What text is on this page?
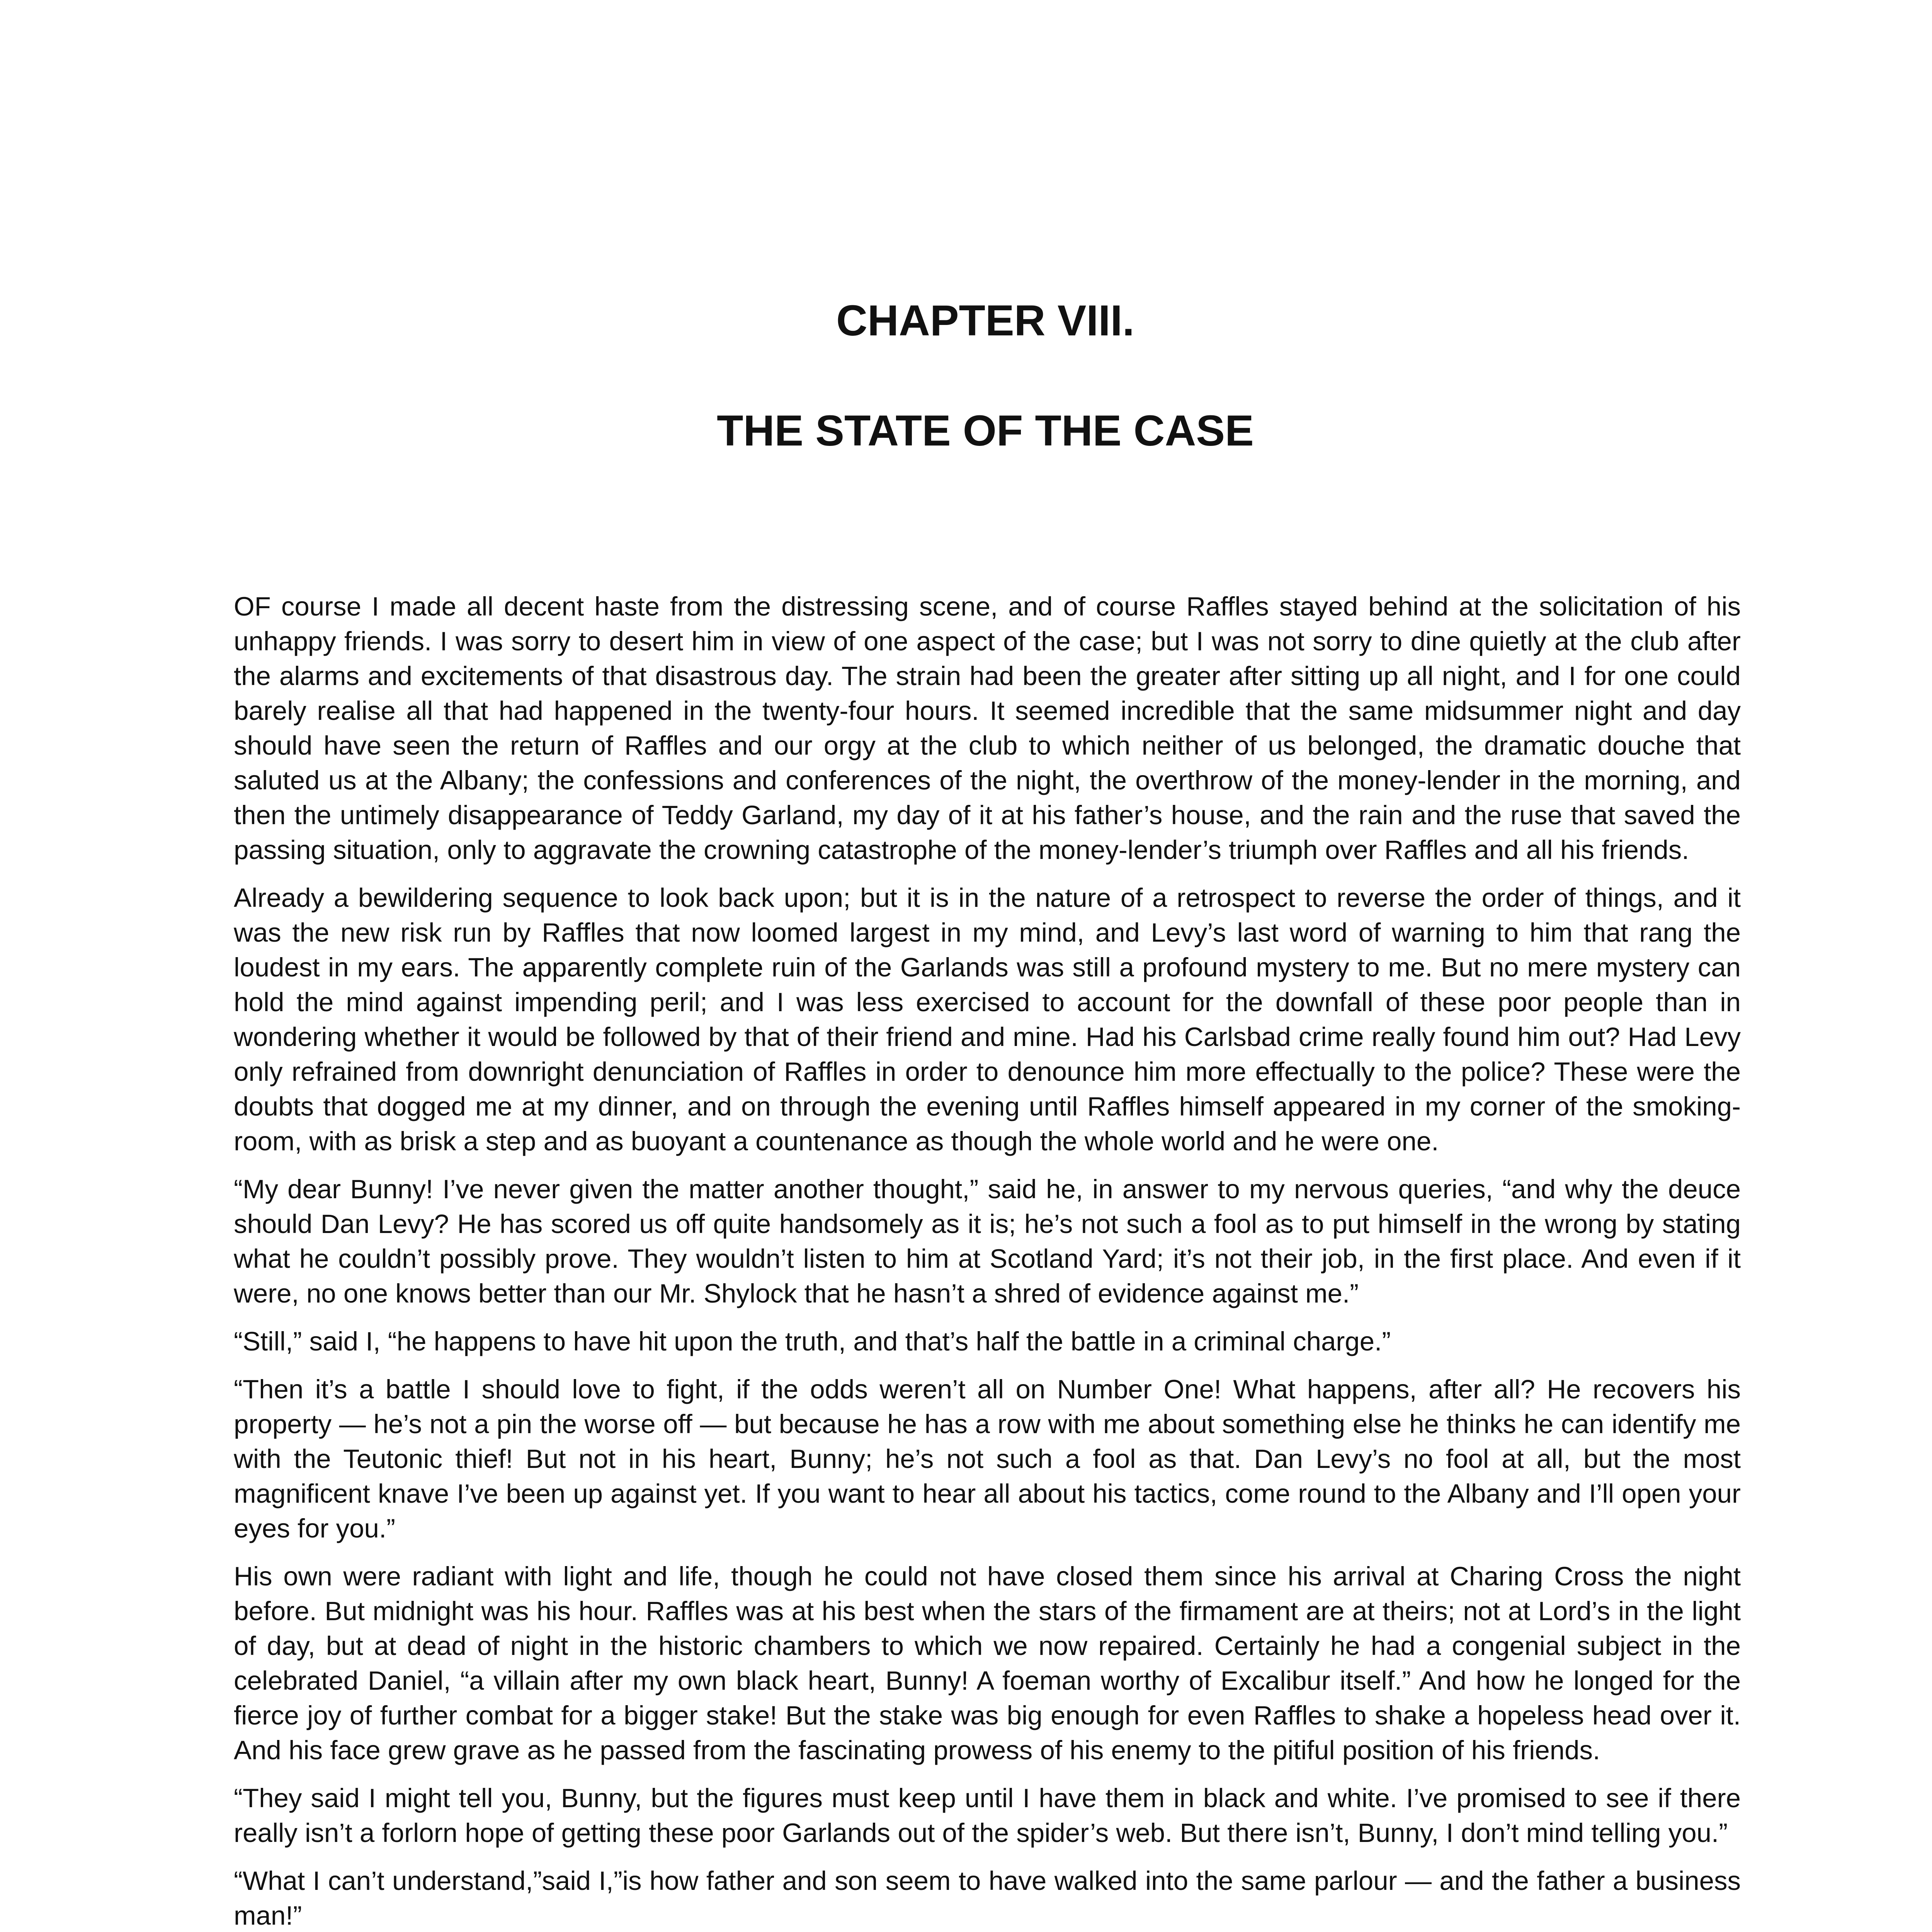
CHAPTER VIII.
THE STATE OF THE CASE

OF course I made all decent haste from the distressing scene, and of course Raffles stayed behind at the solicitation of his unhappy friends. I was sorry to desert him in view of one aspect of the case; but I was not sorry to dine quietly at the club after the alarms and excitements of that disastrous day. The strain had been the greater after sitting up all night, and I for one could barely realise all that had happened in the twenty-four hours. It seemed incredible that the same midsummer night and day should have seen the return of Raffles and our orgy at the club to which neither of us belonged, the dramatic douche that saluted us at the Albany; the confessions and conferences of the night, the overthrow of the money-lender in the morning, and then the untimely disappearance of Teddy Garland, my day of it at his father’s house, and the rain and the ruse that saved the passing situation, only to aggravate the crowning catastrophe of the money-lender’s triumph over Raffles and all his friends.

Already a bewildering sequence to look back upon; but it is in the nature of a retrospect to reverse the order of things, and it was the new risk run by Raffles that now loomed largest in my mind, and Levy’s last word of warning to him that rang the loudest in my ears. The apparently complete ruin of the Garlands was still a profound mystery to me. But no mere mystery can hold the mind against impending peril; and I was less exercised to account for the downfall of these poor people than in wondering whether it would be followed by that of their friend and mine. Had his Carlsbad crime really found him out? Had Levy only refrained from downright denunciation of Raffles in order to denounce him more effectually to the police? These were the doubts that dogged me at my dinner, and on through the evening until Raffles himself appeared in my corner of the smoking-room, with as brisk a step and as buoyant a countenance as though the whole world and he were one.

“My dear Bunny! I’ve never given the matter another thought,” said he, in answer to my nervous queries, “and why the deuce should Dan Levy? He has scored us off quite handsomely as it is; he’s not such a fool as to put himself in the wrong by stating what he couldn’t possibly prove. They wouldn’t listen to him at Scotland Yard; it’s not their job, in the first place. And even if it were, no one knows better than our Mr. Shylock that he hasn’t a shred of evidence against me.”

“Still,” said I, “he happens to have hit upon the truth, and that’s half the battle in a criminal charge.”

“Then it’s a battle I should love to fight, if the odds weren’t all on Number One! What happens, after all? He recovers his property — he’s not a pin the worse off — but because he has a row with me about something else he thinks he can identify me with the Teutonic thief! But not in his heart, Bunny; he’s not such a fool as that. Dan Levy’s no fool at all, but the most magnificent knave I’ve been up against yet. If you want to hear all about his tactics, come round to the Albany and I’ll open your eyes for you.”

His own were radiant with light and life, though he could not have closed them since his arrival at Charing Cross the night before. But midnight was his hour. Raffles was at his best when the stars of the firmament are at theirs; not at Lord’s in the light of day, but at dead of night in the historic chambers to which we now repaired. Certainly he had a congenial subject in the celebrated Daniel, “a villain after my own black heart, Bunny! A foeman worthy of Excalibur itself.” And how he longed for the fierce joy of further combat for a bigger stake! But the stake was big enough for even Raffles to shake a hopeless head over it. And his face grew grave as he passed from the fascinating prowess of his enemy to the pitiful position of his friends.

“They said I might tell you, Bunny, but the figures must keep until I have them in black and white. I’ve promised to see if there really isn’t a forlorn hope of getting these poor Garlands out of the spider’s web. But there isn’t, Bunny, I don’t mind telling you.”

“What I can’t understand,”said I,”is how father and son seem to have walked into the same parlour — and the father a business man!”
